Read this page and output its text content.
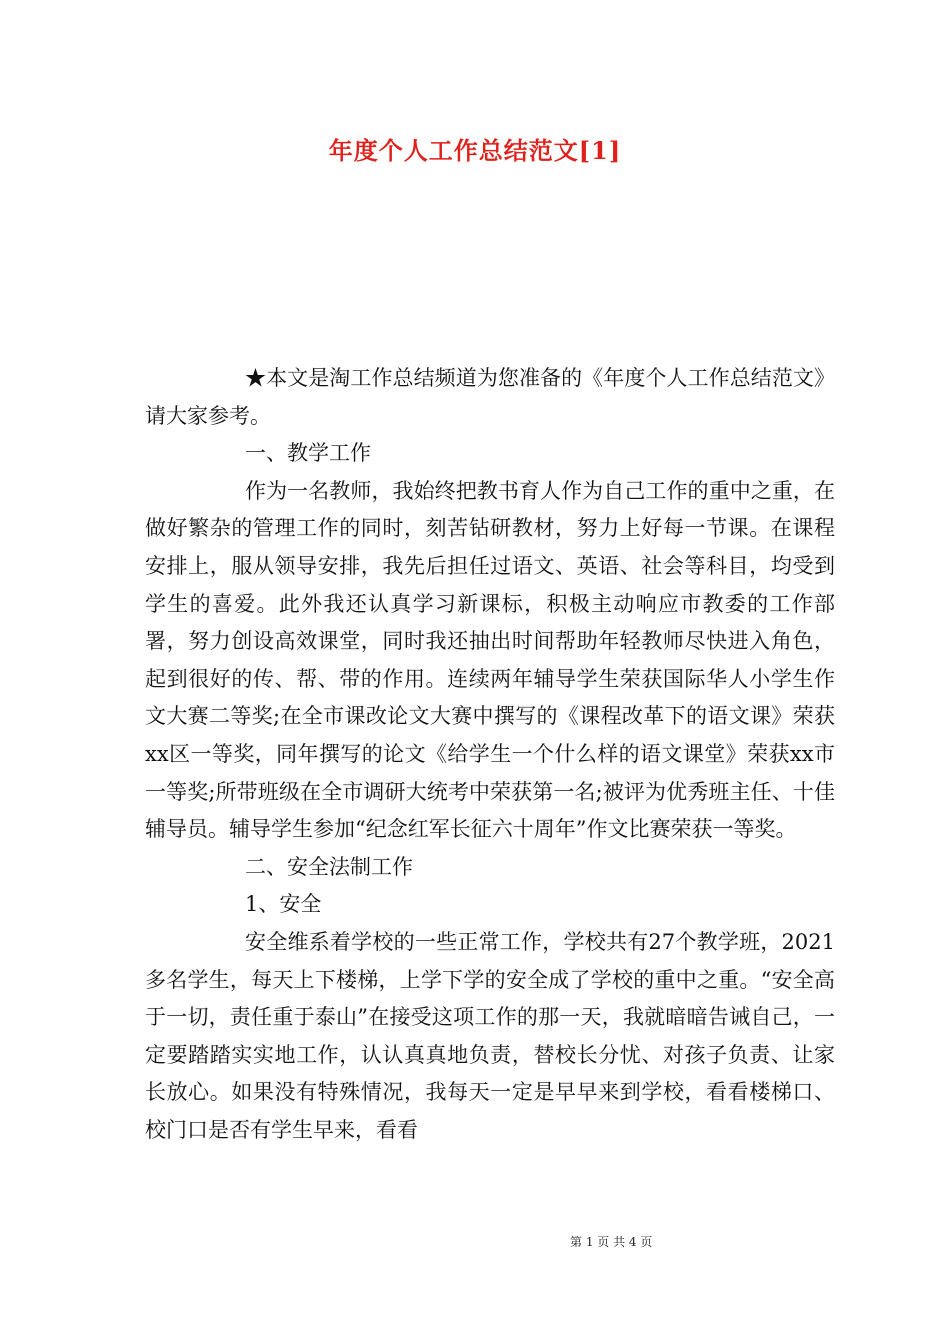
年度个人工作总结范文[1]

★本文是淘工作总结频道为您准备的《年度个人工作总结范文》请大家参考。

一、教学工作

作为一名教师，我始终把教书育人作为自己工作的重中之重，在做好繁杂的管理工作的同时，刻苦钻研教材，努力上好每一节课。在课程安排上，服从领导安排，我先后担任过语文、英语、社会等科目，均受到学生的喜爱。此外我还认真学习新课标，积极主动响应市教委的工作部署，努力创设高效课堂，同时我还抽出时间帮助年轻教师尽快进入角色，起到很好的传、帮、带的作用。连续两年辅导学生荣获国际华人小学生作文大赛二等奖;在全市课改论文大赛中撰写的《课程改革下的语文课》荣获xx区一等奖，同年撰写的论文《给学生一个什么样的语文课堂》荣获xx市一等奖;所带班级在全市调研大统考中荣获第一名;被评为优秀班主任、十佳辅导员。辅导学生参加“纪念红军长征六十周年”作文比赛荣获一等奖。

二、安全法制工作

1、安全

安全维系着学校的一些正常工作，学校共有27个教学班，2021多名学生，每天上下楼梯，上学下学的安全成了学校的重中之重。“安全高于一切，责任重于泰山”在接受这项工作的那一天，我就暗暗告诫自己，一定要踏踏实实地工作，认认真真地负责，替校长分忧、对孩子负责、让家长放心。如果没有特殊情况，我每天一定是早早来到学校，看看楼梯口、校门口是否有学生早来，看看

第 1 页 共 4 页
